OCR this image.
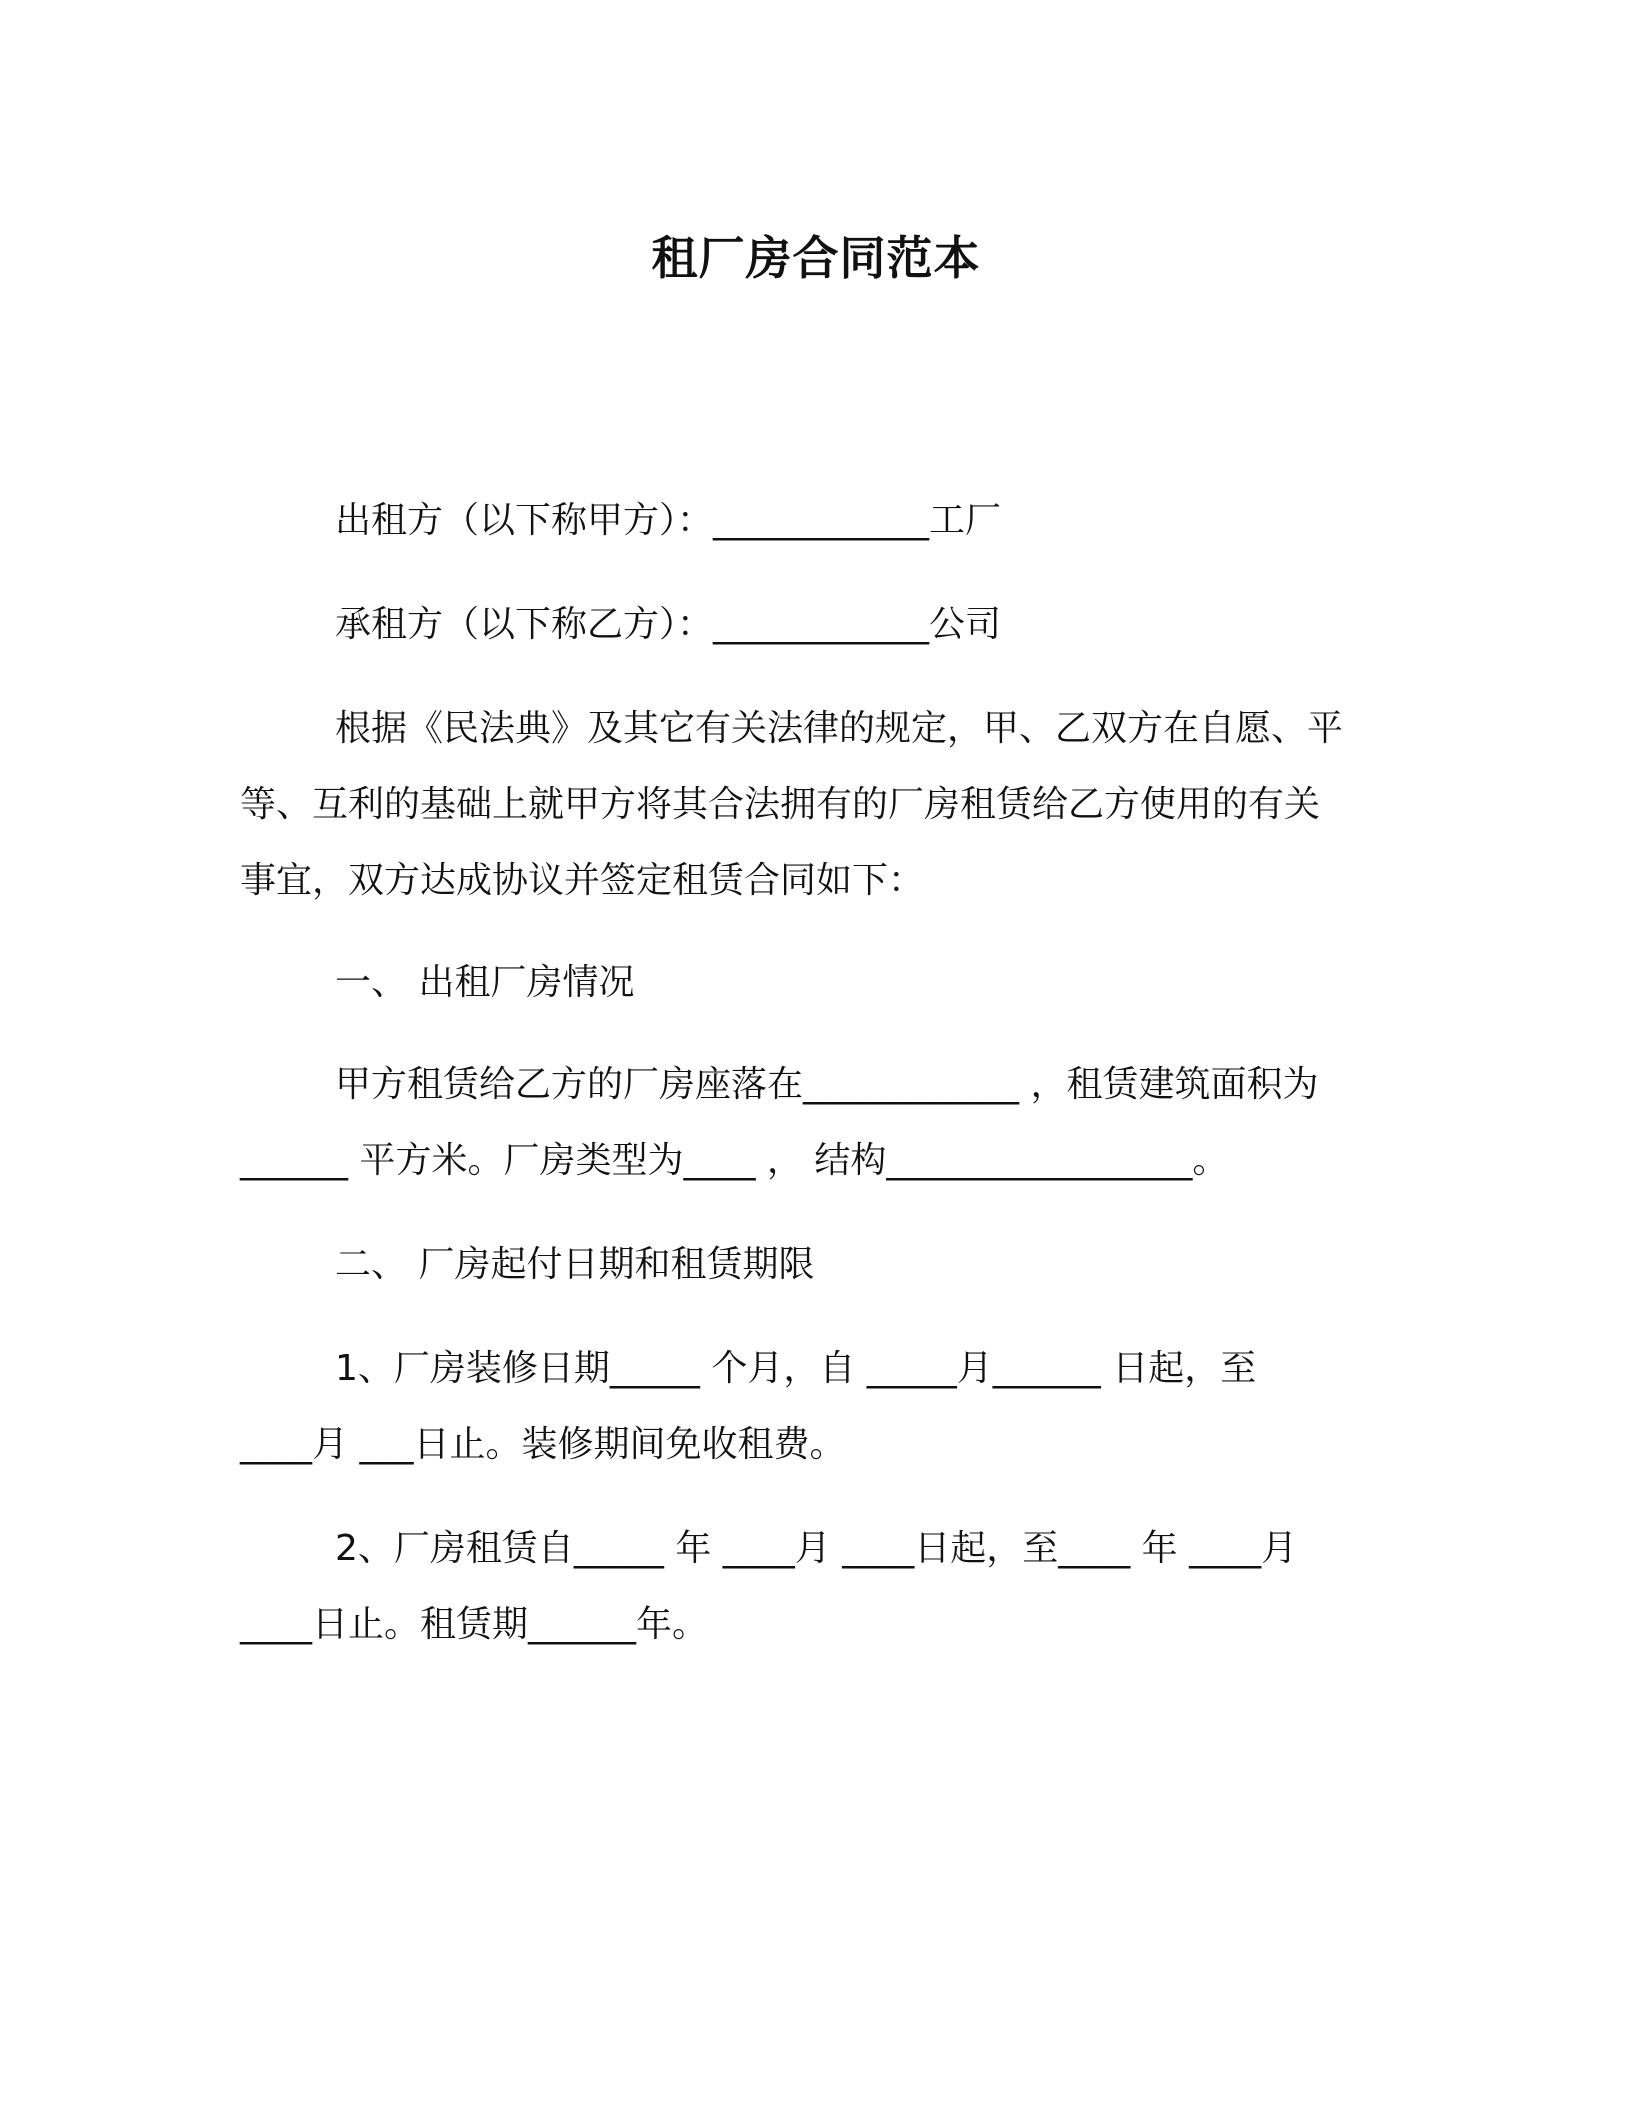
租厂房合同范本
出租方（以下称甲方）：____________工厂
承租方（以下称乙方）：____________公司
根据《民法典》及其它有关法律的规定，甲、乙双方在自愿、平
等、互利的基础上就甲方将其合法拥有的厂房租赁给乙方使用的有关
事宜，双方达成协议并签定租赁合同如下：
一、 出租厂房情况
甲方租赁给乙方的厂房座落在____________ ，租赁建筑面积为
______ 平方米。厂房类型为____ ， 结构_________________。
二、 厂房起付日期和租赁期限
1、厂房装修日期_____ 个月，自 _____月______ 日起，至
____月 ___日止。装修期间免收租费。
2、厂房租赁自_____ 年 ____月 ____日起，至____ 年 ____月
____日止。租赁期______年。
